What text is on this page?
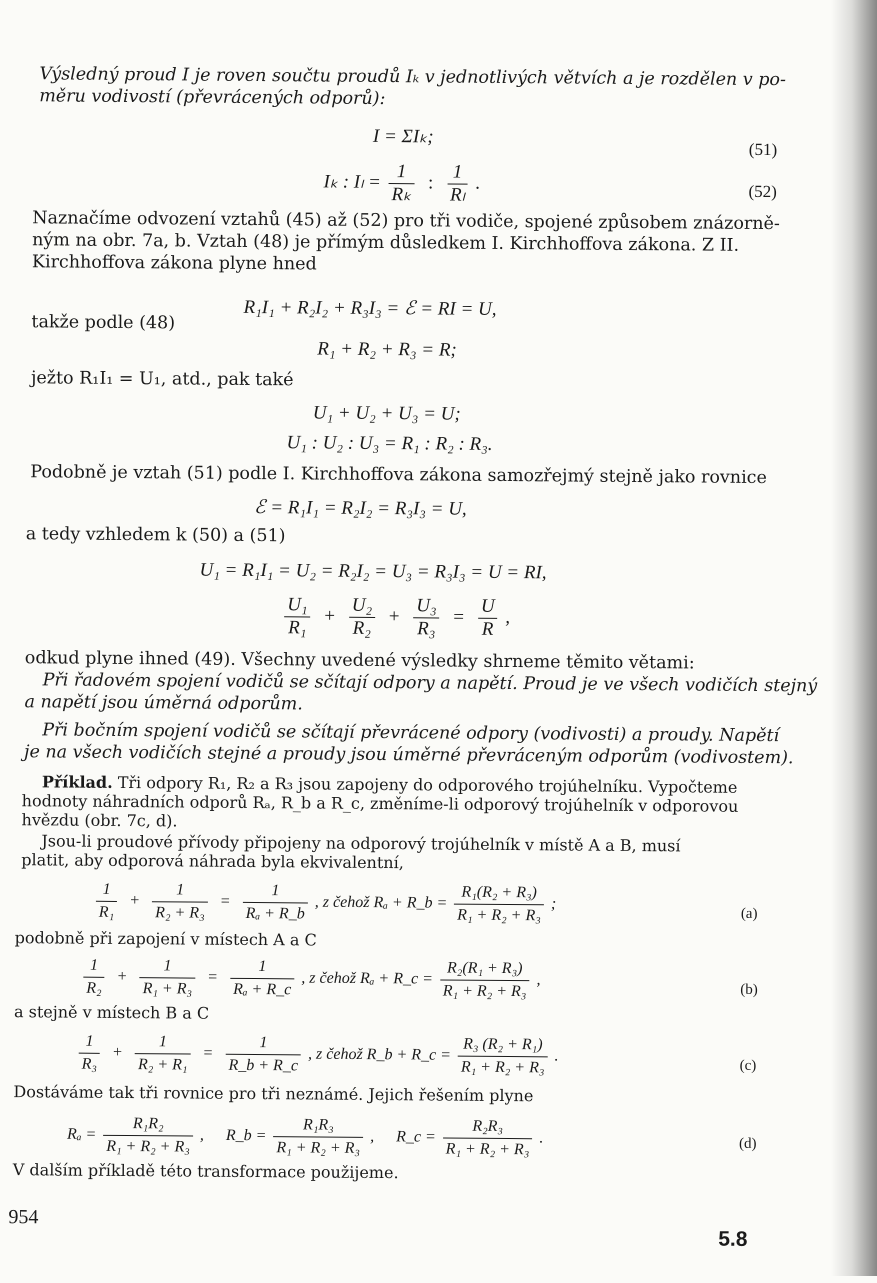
Výsledný proud I je roven součtu proudů Iₖ v jednotlivých větvích a je rozdělen v po-
měru vodivostí (převrácených odporů):
I = ΣIₖ;
(51)
Iₖ : $I_l = \frac{1}{\text{Rₖ}}$ : $\frac{1}{\text{Rₗ}}$ .	(52)
Naznačíme odvození vztahů (45) až (52) pro tři vodiče, spojené způsobem znázorně-
ným na obr. 7a, b. Vztah (48) je přímým důsledkem I. Kirchhoffova zákona. Z II.
Kirchhoffova zákona plyne hned
R₁I₁ + R₂I₂ + R₃I₃ = ℰ = RI = U,
takže podle (48)
R₁ + R₂ + R₃ = R;
ježto R₁I₁ = U₁, atd., pak také
U₁ + U₂ + U₃ = U;
U₁ : U₂ : U₃ = R₁ : R₂ : R₃.
Podobně je vztah (51) podle I. Kirchhoffova zákona samozřejmý stejně jako rovnice
ℰ = R₁I₁ = R₂I₂ = R₃I₃ = U,
a tedy vzhledem k (50) a (51)
U₁ = R₁I₁ = U₂ = R₂I₂ = U₃ = R₃I₃ = U = RI,
$\frac{\text{U₁}}{\text{R₁}} + \frac{\text{U₂}}{\text{R₂}} + \frac{\text{U₃}}{\text{R₃}} = \frac{U}{R}$ ,
odkud plyne ihned (49). Všechny uvedené výsledky shrneme těmito větami:
Při řadovém spojení vodičů se sčítají odpory a napětí. Proud je ve všech vodičích stejný
a napětí jsou úměrná odporům.
Při bočním spojení vodičů se sčítají převrácené odpory (vodivosti) a proudy. Napětí
je na všech vodičích stejné a proudy jsou úměrné převráceným odporům (vodivostem).
Příklad. Tři odpory R₁, R₂ a R₃ jsou zapojeny do odporového trojúhelníku. Vypočteme
hodnoty náhradních odporů Rₐ, R_b a R_c, změníme-li odporový trojúhelník v odporovou
hvězdu (obr. 7c, d).
Jsou-li proudové přívody připojeny na odporový trojúhelník v místě A a B, musí
platit, aby odporová náhrada byla ekvivalentní,
$\frac{1}{\text{R₁}} + \frac{1}{\text{R₂ + R₃}} = \frac{1}{\text{Rₐ + R\_b}}$ , z čehož Rₐ + R_b = $\frac{\text{R₁(R₂ + R₃)}}{\text{R₁ + R₂ + R₃}}$ ;
(a)
podobně při zapojení v místech A a C
$\frac{1}{\text{R₂}} + \frac{1}{\text{R₁ + R₃}} = \frac{1}{\text{Rₐ + R\_c}}$ , z čehož Rₐ + R_c = $\frac{\text{R₂(R₁ + R₃)}}{\text{R₁ + R₂ + R₃}}$ ,
(b)
a stejně v místech B a C
$\frac{1}{\text{R₃}} + \frac{1}{\text{R₂ + R₁}} = \frac{1}{R\_b + R\_c}$ , z čehož R_b + R_c = $\frac{\text{R₃ (R₂ + R₁)}}{\text{R₁ + R₂ + R₃}}$ .
(c)
Dostáváme tak tři rovnice pro tři neznámé. Jejich řešením plyne
$R_a = \frac{\text{R₁R₂}}{\text{R₁ + R₂ + R₃}}$ , R_b = $\frac{\text{R₁R₃}}{\text{R₁ + R₂ + R₃}}$ , R_c = $\frac{\text{R₂R₃}}{\text{R₁ + R₂ + R₃}}$ .	(d)
V dalším příkladě této transformace použijeme.
954
5.8
